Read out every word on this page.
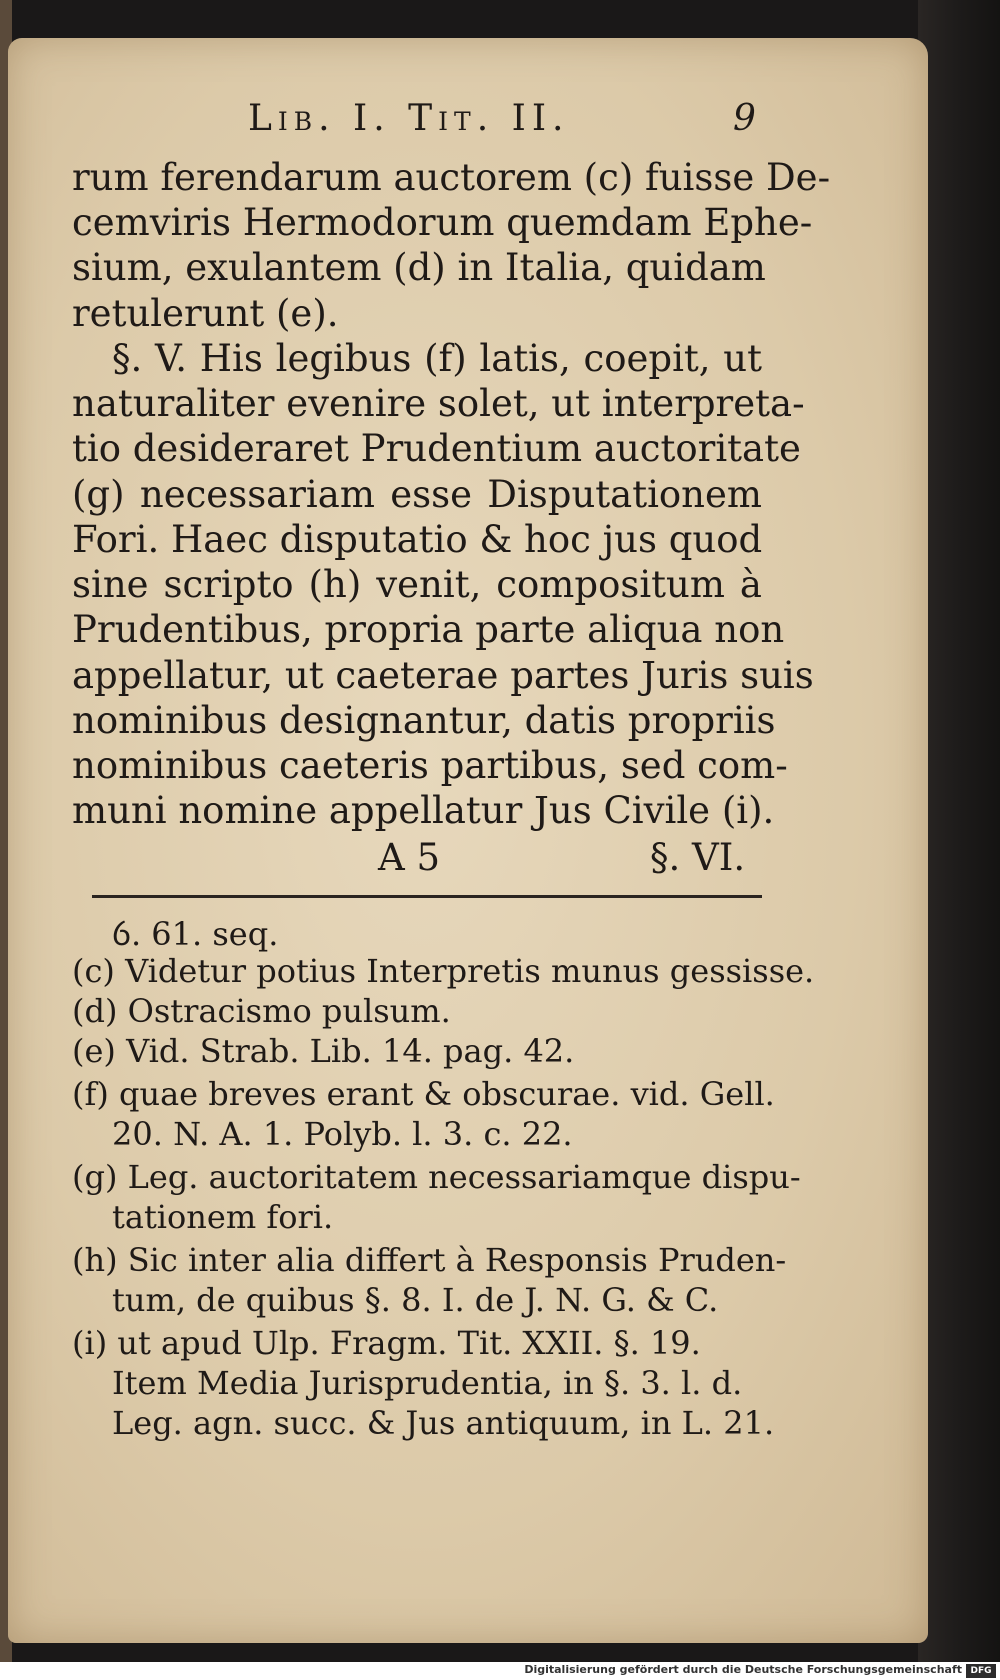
Lib. I. Tit. II.	9
rum ferendarum auctorem (c) fuisse De-
cemviris Hermodorum quemdam Ephe-
sium, exulantem (d) in Italia, quidam
retulerunt (e).
§. V. His legibus (f) latis, coepit, ut
naturaliter evenire solet, ut interpreta-
tio desideraret Prudentium auctoritate
(g) necessariam esse Disputationem
Fori. Haec disputatio & hoc jus quod
sine scripto (h) venit, compositum à
Prudentibus, propria parte aliqua non
appellatur, ut caeterae partes Juris suis
nominibus designantur, datis propriis
nominibus caeteris partibus, sed com-
muni nomine appellatur Jus Civile (i).
A 5	§. VI.
ỽ. 61. seq.
(c) Videtur potius Interpretis munus gessisse.
(d) Ostracismo pulsum.
(e) Vid. Strab. Lib. 14. pag. 42.
(f) quae breves erant & obscurae. vid. Gell.
20. N. A. 1. Polyb. l. 3. c. 22.
(g) Leg. auctoritatem necessariamque dispu-
tationem fori.
(h) Sic inter alia differt à Responsis Pruden-
tum, de quibus §. 8. I. de J. N. G. & C.
(i) ut apud Ulp. Fragm. Tit. XXII. §. 19.
Item Media Jurisprudentia, in §. 3. l. d.
Leg. agn. succ. & Jus antiquum, in L. 21.
Digitalisierung gefördert durch die Deutsche Forschungsgemeinschaft DFG
